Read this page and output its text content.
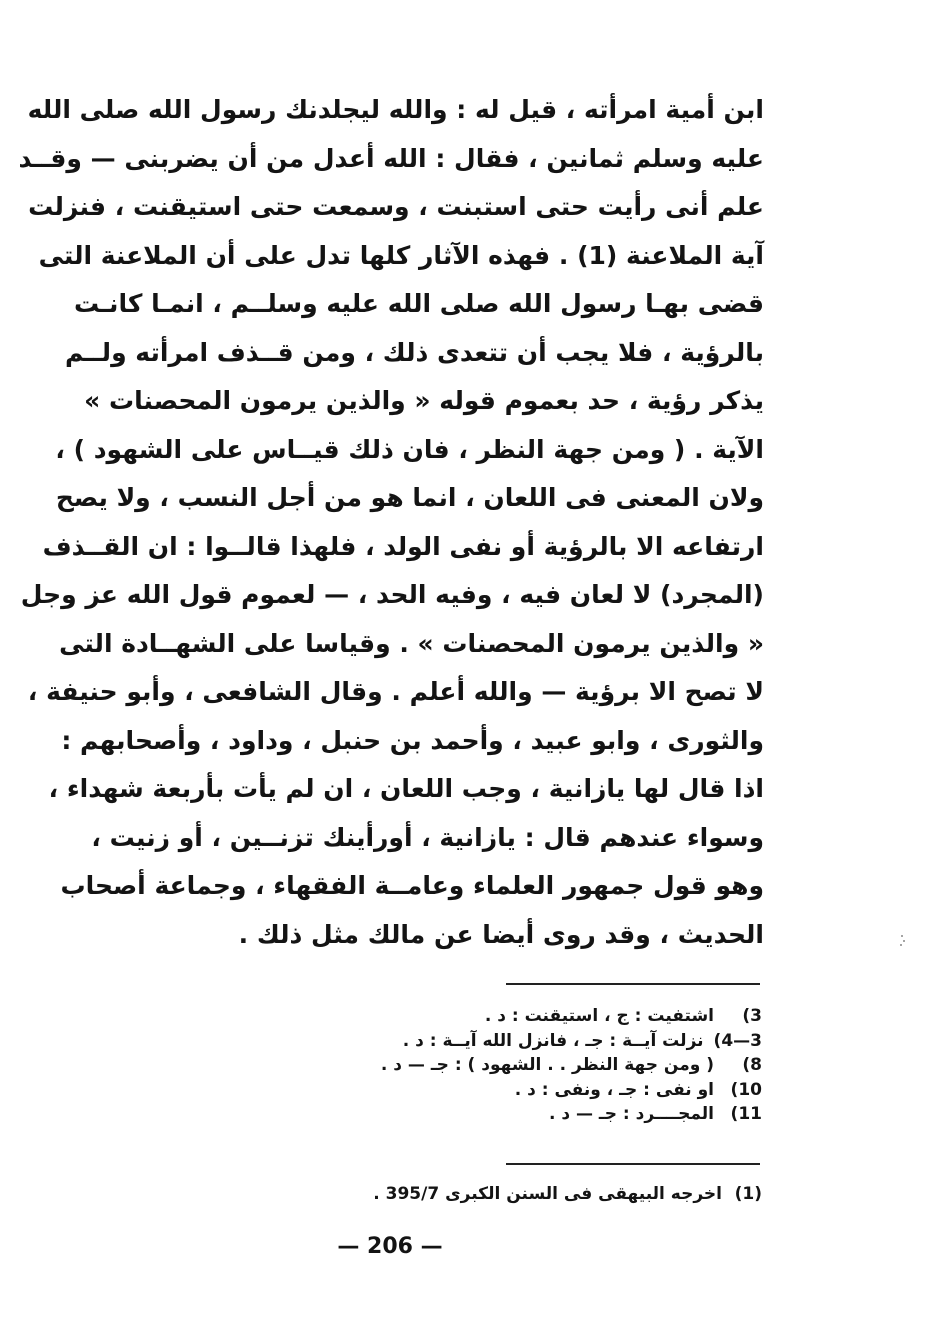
ابن أمية امرأته ، قيل له : والله ليجلدنك رسول الله صلى الله
عليه وسلم ثمانين ، فقال : الله أعدل من أن يضربنى — وقــد
علم أنى رأيت حتى استبنت ، وسمعت حتى استيقنت ، فنزلت
آية الملاعنة (1) . فهذه الآثار كلها تدل على أن الملاعنة التى
قضى بهـا رسول الله صلى الله عليه وسلــم ، انمـا كانـت
بالرؤية ، فلا يجب أن تتعدى ذلك ، ومن قــذف امرأته ولــم
يذكر رؤية ، حد بعموم قوله « والذين يرمون المحصنات »
الآية . ( ومن جهة النظر ، فان ذلك قيــاس على الشهود ) ،
ولان المعنى فى اللعان ، انما هو من أجل النسب ، ولا يصح
ارتفاعه الا بالرؤية أو نفى الولد ، فلهذا قالــوا : ان القــذف
(المجرد) لا لعان فيه ، وفيه الحد ، — لعموم قول الله عز وجل
« والذين يرمون المحصنات » . وقياسا على الشهــادة التى
لا تصح الا برؤية — والله أعلم . وقال الشافعى ، وأبو حنيفة ،
والثورى ، وابو عبيد ، وأحمد بن حنبل ، وداود ، وأصحابهم :
اذا قال لها يازانية ، وجب اللعان ، ان لم يأت بأربعة شهداء ،
وسواء عندهم قال : يازانية ، أورأينك تزنــين ، أو زنيت ،
وهو قول جمهور العلماء وعامــة الفقهاء ، وجماعة أصحاب
الحديث ، وقد روى أيضا عن مالك مثل ذلك .
3)اشتفيت : ج ، استيقنت : د .
3—4)نزلت آيــة : جـ ، فانزل الله آيــة : د .
8)( ومن جهة النظر . . الشهود ) : جـ — د .
10)او نفى : جـ ، ونفى : د .
11)المجــــرد : جـ — د .
(1)اخرجه البيهقى فى السنن الكبرى 395/7 .
— 206 —
